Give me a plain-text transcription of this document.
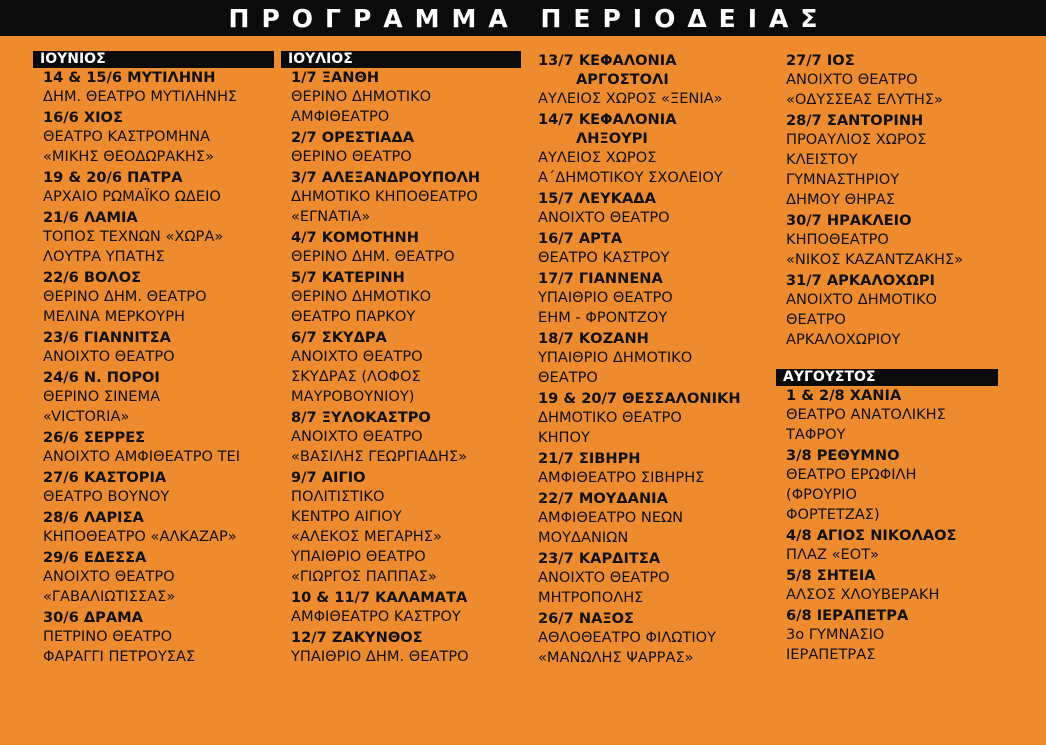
ΠΡΟΓΡΑΜΜΑ ΠΕΡΙΟΔΕΙΑΣ
ΙΟΥΝΙΟΣ
14 & 15/6 ΜΥΤΙΛΗΝΗ
ΔΗΜ. ΘΕΑΤΡΟ ΜΥΤΙΛΗΝΗΣ
16/6 ΧΙΟΣ
ΘΕΑΤΡΟ ΚΑΣΤΡΟΜΗΝΑ
«ΜΙΚΗΣ ΘΕΟΔΩΡΑΚΗΣ»
19 & 20/6 ΠΑΤΡΑ
ΑΡΧΑΙΟ ΡΩΜΑΪΚΟ ΩΔΕΙΟ
21/6 ΛΑΜΙΑ
ΤΟΠΟΣ ΤΕΧΝΩΝ «ΧΩΡΑ»
ΛΟΥΤΡΑ ΥΠΑΤΗΣ
22/6 ΒΟΛΟΣ
ΘΕΡΙΝΟ ΔΗΜ. ΘΕΑΤΡΟ
ΜΕΛΙΝΑ ΜΕΡΚΟΥΡΗ
23/6 ΓΙΑΝΝΙΤΣΑ
ΑΝΟΙΧΤΟ ΘΕΑΤΡΟ
24/6 Ν. ΠΟΡΟΙ
ΘΕΡΙΝΟ ΣΙΝΕΜΑ
«VICTORIA»
26/6 ΣΕΡΡΕΣ
ΑΝΟΙΧΤΟ ΑΜΦΙΘΕΑΤΡΟ ΤΕΙ
27/6 ΚΑΣΤΟΡΙΑ
ΘΕΑΤΡΟ ΒΟΥΝΟΥ
28/6 ΛΑΡΙΣΑ
ΚΗΠΟΘΕΑΤΡΟ «ΑΛΚΑΖΑΡ»
29/6 ΕΔΕΣΣΑ
ΑΝΟΙΧΤΟ ΘΕΑΤΡΟ
«ΓΑΒΑΛΙΩΤΙΣΣΑΣ»
30/6 ΔΡΑΜΑ
ΠΕΤΡΙΝΟ ΘΕΑΤΡΟ
ΦΑΡΑΓΓΙ ΠΕΤΡΟΥΣΑΣ
ΙΟΥΛΙΟΣ
1/7 ΞΑΝΘΗ
ΘΕΡΙΝΟ ΔΗΜΟΤΙΚΟ
ΑΜΦΙΘΕΑΤΡΟ
2/7 ΟΡΕΣΤΙΑΔΑ
ΘΕΡΙΝΟ ΘΕΑΤΡΟ
3/7 ΑΛΕΞΑΝΔΡΟΥΠΟΛΗ
ΔΗΜΟΤΙΚΟ ΚΗΠΟΘΕΑΤΡΟ
«ΕΓΝΑΤΙΑ»
4/7 ΚΟΜΟΤΗΝΗ
ΘΕΡΙΝΟ ΔΗΜ. ΘΕΑΤΡΟ
5/7 ΚΑΤΕΡΙΝΗ
ΘΕΡΙΝΟ ΔΗΜΟΤΙΚΟ
ΘΕΑΤΡΟ ΠΑΡΚΟΥ
6/7 ΣΚΥΔΡΑ
ΑΝΟΙΧΤΟ ΘΕΑΤΡΟ
ΣΚΥΔΡΑΣ (ΛΟΦΟΣ
ΜΑΥΡΟΒΟΥΝΙΟΥ)
8/7 ΞΥΛΟΚΑΣΤΡΟ
ΑΝΟΙΧΤΟ ΘΕΑΤΡΟ
«ΒΑΣΙΛΗΣ ΓΕΩΡΓΙΑΔΗΣ»
9/7 ΑΙΓΙΟ
ΠΟΛΙΤΙΣΤΙΚΟ
ΚΕΝΤΡΟ ΑΙΓΙΟΥ
«ΑΛΕΚΟΣ ΜΕΓΑΡΗΣ»
ΥΠΑΙΘΡΙΟ ΘΕΑΤΡΟ
«ΓΙΩΡΓΟΣ ΠΑΠΠΑΣ»
10 & 11/7 ΚΑΛΑΜΑΤΑ
ΑΜΦΙΘΕΑΤΡΟ ΚΑΣΤΡΟΥ
12/7 ΖΑΚΥΝΘΟΣ
ΥΠΑΙΘΡΙΟ ΔΗΜ. ΘΕΑΤΡΟ
13/7 ΚΕΦΑΛΟΝΙΑ
ΑΡΓΟΣΤΟΛΙ
ΑΥΛΕΙΟΣ ΧΩΡΟΣ «ΞΕΝΙΑ»
14/7 ΚΕΦΑΛΟΝΙΑ
ΛΗΞΟΥΡΙ
ΑΥΛΕΙΟΣ ΧΩΡΟΣ
Α΄ΔΗΜΟΤΙΚΟΥ ΣΧΟΛΕΙΟΥ
15/7 ΛΕΥΚΑΔΑ
ΑΝΟΙΧΤΟ ΘΕΑΤΡΟ
16/7 ΑΡΤΑ
ΘΕΑΤΡΟ ΚΑΣΤΡΟΥ
17/7 ΓΙΑΝΝΕΝΑ
ΥΠΑΙΘΡΙΟ ΘΕΑΤΡΟ
ΕΗΜ - ΦΡΟΝΤΖΟΥ
18/7 ΚΟΖΑΝΗ
ΥΠΑΙΘΡΙΟ ΔΗΜΟΤΙΚΟ
ΘΕΑΤΡΟ
19 & 20/7 ΘΕΣΣΑΛΟΝΙΚΗ
ΔΗΜΟΤΙΚΟ ΘΕΑΤΡΟ
ΚΗΠΟΥ
21/7 ΣΙΒΗΡΗ
ΑΜΦΙΘΕΑΤΡΟ ΣΙΒΗΡΗΣ
22/7 ΜΟΥΔΑΝΙΑ
ΑΜΦΙΘΕΑΤΡΟ ΝΕΩΝ
ΜΟΥΔΑΝΙΩΝ
23/7 ΚΑΡΔΙΤΣΑ
ΑΝΟΙΧΤΟ ΘΕΑΤΡΟ
ΜΗΤΡΟΠΟΛΗΣ
26/7 ΝΑΞΟΣ
ΑΘΛΟΘΕΑΤΡΟ ΦΙΛΩΤΙΟΥ
«ΜΑΝΩΛΗΣ ΨΑΡΡΑΣ»
27/7 ΙΟΣ
ΑΝΟΙΧΤΟ ΘΕΑΤΡΟ
«ΟΔΥΣΣΕΑΣ ΕΛΥΤΗΣ»
28/7 ΣΑΝΤΟΡΙΝΗ
ΠΡΟΑΥΛΙΟΣ ΧΩΡΟΣ
ΚΛΕΙΣΤΟΥ
ΓΥΜΝΑΣΤΗΡΙΟΥ
ΔΗΜΟΥ ΘΗΡΑΣ
30/7 ΗΡΑΚΛΕΙΟ
ΚΗΠΟΘΕΑΤΡΟ
«ΝΙΚΟΣ ΚΑΖΑΝΤΖΑΚΗΣ»
31/7 ΑΡΚΑΛΟΧΩΡΙ
ΑΝΟΙΧΤΟ ΔΗΜΟΤΙΚΟ
ΘΕΑΤΡΟ
ΑΡΚΑΛΟΧΩΡΙΟΥ
ΑΥΓΟΥΣΤΟΣ
1 & 2/8 ΧΑΝΙΑ
ΘΕΑΤΡΟ ΑΝΑΤΟΛΙΚΗΣ
ΤΑΦΡΟΥ
3/8 ΡΕΘΥΜΝΟ
ΘΕΑΤΡΟ ΕΡΩΦΙΛΗ
(ΦΡΟΥΡΙΟ
ΦΟΡΤΕΤΖΑΣ)
4/8 ΑΓΙΟΣ ΝΙΚΟΛΑΟΣ
ΠΛΑΖ «ΕΟΤ»
5/8 ΣΗΤΕΙΑ
ΑΛΣΟΣ ΧΛΟΥΒΕΡΑΚΗ
6/8 ΙΕΡΑΠΕΤΡΑ
3ο ΓΥΜΝΑΣΙΟ
ΙΕΡΑΠΕΤΡΑΣ
